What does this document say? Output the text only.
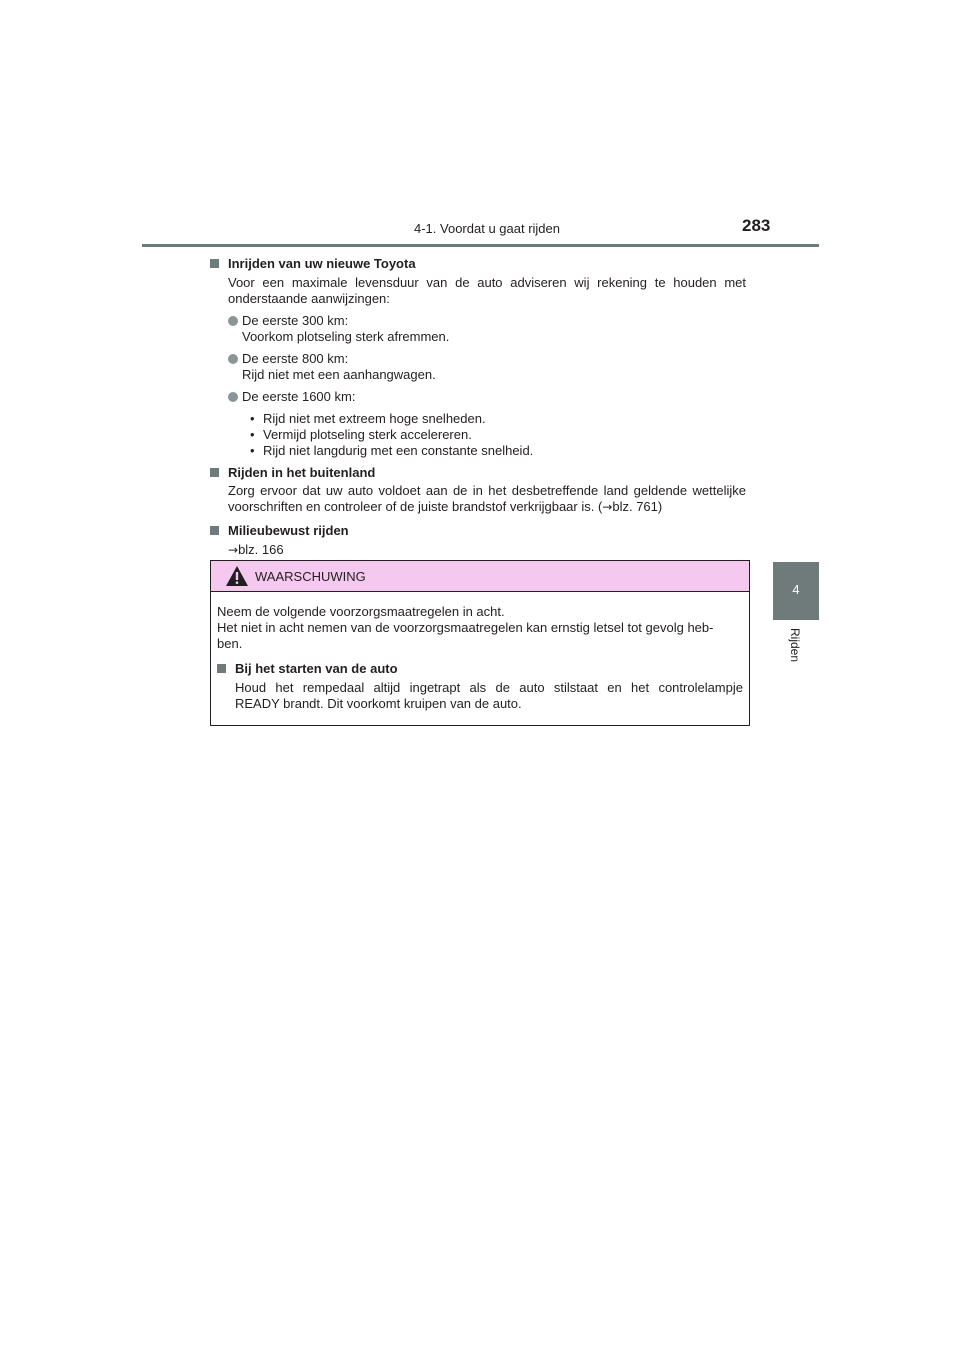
4-1. Voordat u gaat rijden	283
4
Rijden
Inrijden van uw nieuwe Toyota
Voor een maximale levensduur van de auto adviseren wij rekening te houden met
onderstaande aanwijzingen:
De eerste 300 km:
Voorkom plotseling sterk afremmen.
De eerste 800 km:
Rijd niet met een aanhangwagen.
De eerste 1600 km:
• Rijd niet met extreem hoge snelheden.
• Vermijd plotseling sterk accelereren.
• Rijd niet langdurig met een constante snelheid.
Rijden in het buitenland
Zorg ervoor dat uw auto voldoet aan de in het desbetreffende land geldende wettelijke
voorschriften en controleer of de juiste brandstof verkrijgbaar is. (→blz. 761)
Milieubewust rijden
→blz. 166
WAARSCHUWING
Neem de volgende voorzorgsmaatregelen in acht.
Het niet in acht nemen van de voorzorgsmaatregelen kan ernstig letsel tot gevolg heb-
ben.
Bij het starten van de auto
Houd het rempedaal altijd ingetrapt als de auto stilstaat en het controlelampje
READY brandt. Dit voorkomt kruipen van de auto.
